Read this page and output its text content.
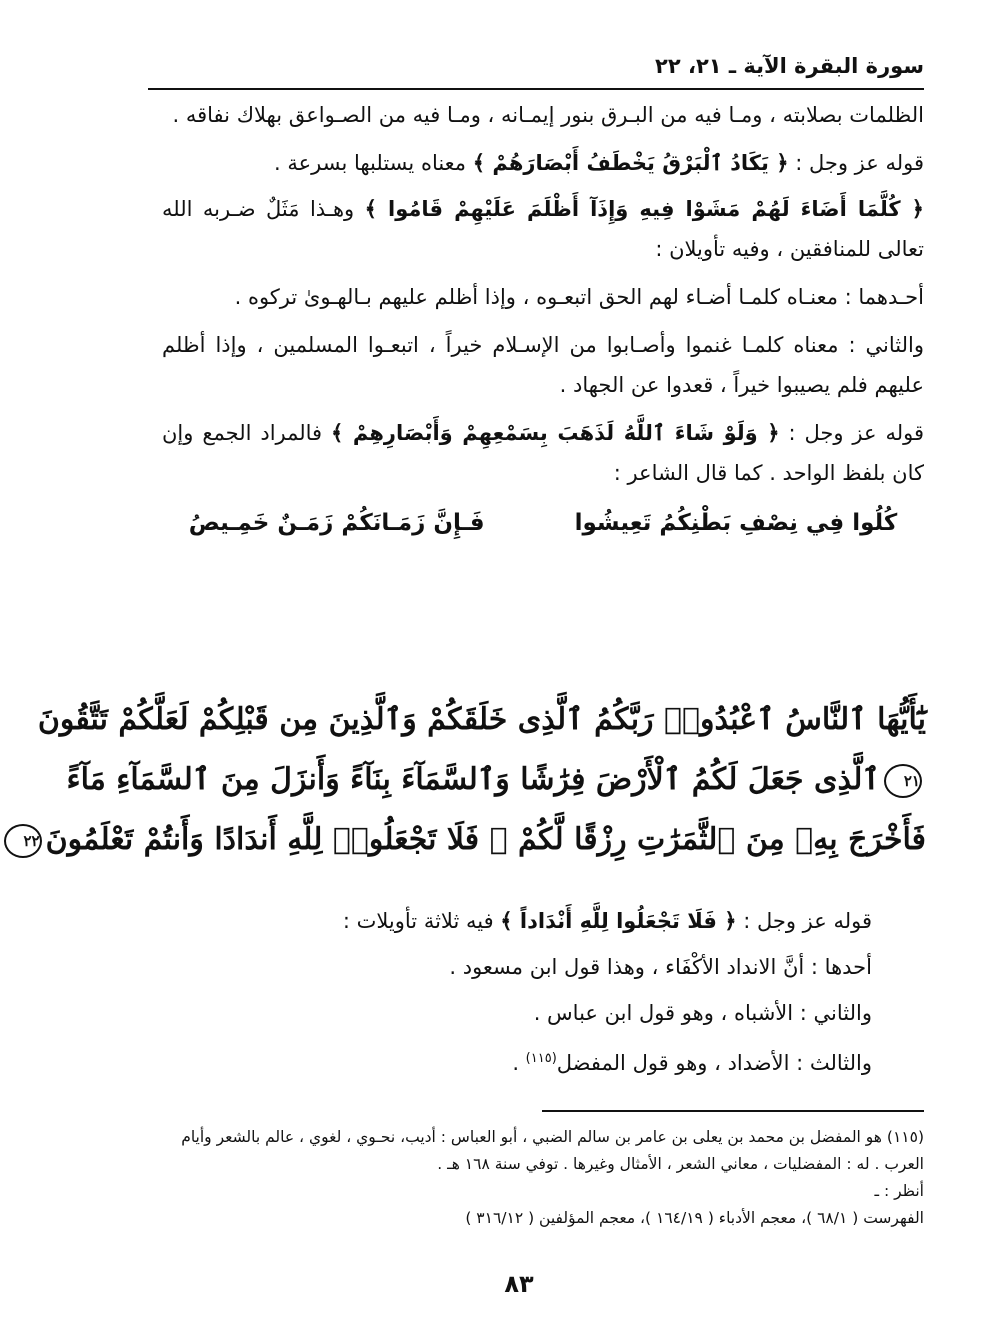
سورة البقرة الآية ـ ٢١، ٢٢

الظلمات بصلابته ، ومـا فيه من البـرق بنور إيمـانه ، ومـا فيه من الصـواعق بهلاك نفاقه .

قوله عز وجل : ﴿ يَكَادُ ٱلْبَرْقُ يَخْطَفُ أَبْصَارَهُمْ ﴾ معناه يستلبها بسرعة .

﴿ كُلَّمَا أَضَاءَ لَهُمْ مَشَوْا فِيهِ وَإِذَآ أَظْلَمَ عَلَيْهِمْ قَامُوا ﴾ وهـذا مَثَلٌ ضـربه الله تعالى للمنافقين ، وفيه تأويلان :

أحـدهما : معنـاه كلمـا أضـاء لهم الحق اتبعـوه ، وإذا أظلم عليهم بـالهـوىٰ تركوه .

والثاني : معناه كلمـا غنموا وأصـابوا من الإسـلام خيراً ، اتبعـوا المسلمين ، وإذا أظلم عليهم فلم يصيبوا خيراً ، قعدوا عن الجهاد .

قوله عز وجل : ﴿ وَلَوْ شَاءَ ٱللَّهُ لَذَهَبَ بِسَمْعِهِمْ وَأَبْصَارِهِمْ ﴾ فالمراد الجمع وإن كان بلفظ الواحد . كما قال الشاعر :

كُلُوا فِي نِصْفِ بَطْنِكُمُ تَعِيشُوا
فَـإِنَّ زَمَـانَكُمْ زَمَـنٌ خَمِـيصُ
يَٰٓأَيُّهَا ٱلنَّاسُ ٱعْبُدُوا۟ رَبَّكُمُ ٱلَّذِى خَلَقَكُمْ وَٱلَّذِينَ مِن قَبْلِكُمْ لَعَلَّكُمْ تَتَّقُونَ
٢١ٱلَّذِى جَعَلَ لَكُمُ ٱلْأَرْضَ فِرَٰشًا وَٱلسَّمَآءَ بِنَآءً وَأَنزَلَ مِنَ ٱلسَّمَآءِ مَآءً
فَأَخْرَجَ بِهِۦ مِنَ ٱلثَّمَرَٰتِ رِزْقًا لَّكُمْ ۖ فَلَا تَجْعَلُوا۟ لِلَّهِ أَندَادًا وَأَنتُمْ تَعْلَمُونَ٢٢

قوله عز وجل : ﴿ فَلَا تَجْعَلُوا لِلَّهِ أَنْدَاداً ﴾ فيه ثلاثة تأويلات :

أحدها : أنَّ الانداد الأكْفَاء ، وهذا قول ابن مسعود .

والثاني : الأشباه ، وهو قول ابن عباس .

والثالث : الأضداد ، وهو قول المفضل$^{(١١٥)}$ .

(١١٥) هو المفضل بن محمد بن يعلى بن عامر بن سالم الضبي ، أبو العباس : أديب، نحـوي ، لغوي ، عالم بالشعر وأيام العرب . له : المفضليات ، معاني الشعر ، الأمثال وغيرها . توفي سنة ١٦٨ هـ .

أنظر : ـ

الفهرست ( ٦٨/١ )، معجم الأدباء ( ١٦٤/١٩ )، معجم المؤلفين ( ٣١٦/١٢ )

٨٣
